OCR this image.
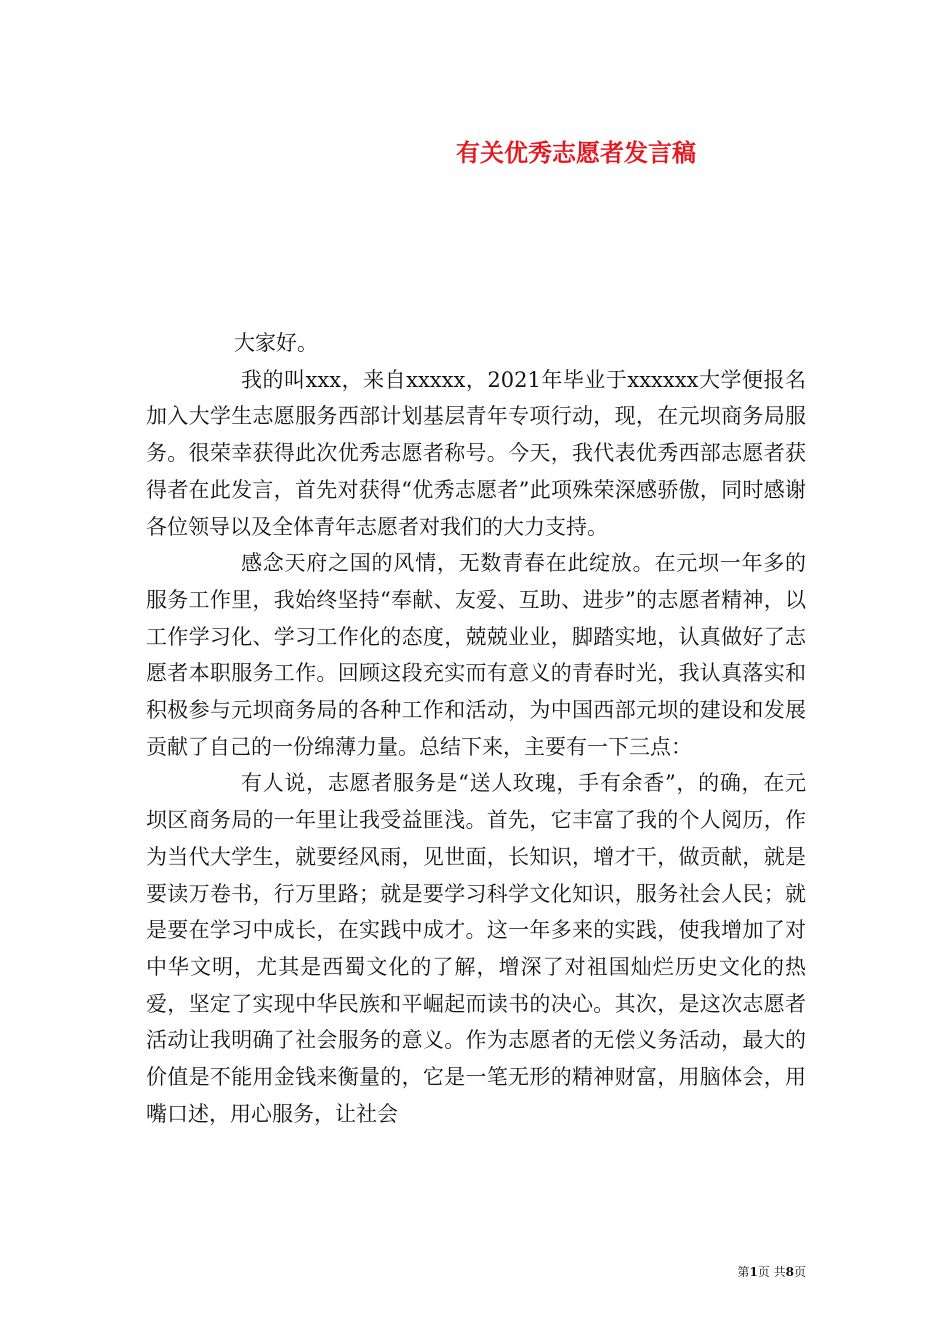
有关优秀志愿者发言稿

大家好。

我的叫xxx，来自xxxxx，2021年毕业于xxxxxx大学便报名加入大学生志愿服务西部计划基层青年专项行动，现，在元坝商务局服务。很荣幸获得此次优秀志愿者称号。今天，我代表优秀西部志愿者获得者在此发言，首先对获得“优秀志愿者”此项殊荣深感骄傲，同时感谢各位领导以及全体青年志愿者对我们的大力支持。

感念天府之国的风情，无数青春在此绽放。在元坝一年多的服务工作里，我始终坚持“奉献、友爱、互助、进步”的志愿者精神，以工作学习化、学习工作化的态度，兢兢业业，脚踏实地，认真做好了志愿者本职服务工作。回顾这段充实而有意义的青春时光，我认真落实和积极参与元坝商务局的各种工作和活动，为中国西部元坝的建设和发展贡献了自己的一份绵薄力量。总结下来，主要有一下三点：

有人说，志愿者服务是“送人玫瑰，手有余香”，的确，在元坝区商务局的一年里让我受益匪浅。首先，它丰富了我的个人阅历，作为当代大学生，就要经风雨，见世面，长知识，增才干，做贡献，就是要读万卷书，行万里路；就是要学习科学文化知识，服务社会人民；就是要在学习中成长，在实践中成才。这一年多来的实践，使我增加了对中华文明，尤其是西蜀文化的了解，增深了对祖国灿烂历史文化的热爱，坚定了实现中华民族和平崛起而读书的决心。其次，是这次志愿者活动让我明确了社会服务的意义。作为志愿者的无偿义务活动，最大的价值是不能用金钱来衡量的，它是一笔无形的精神财富，用脑体会，用嘴口述，用心服务，让社会

第1页 共8页
